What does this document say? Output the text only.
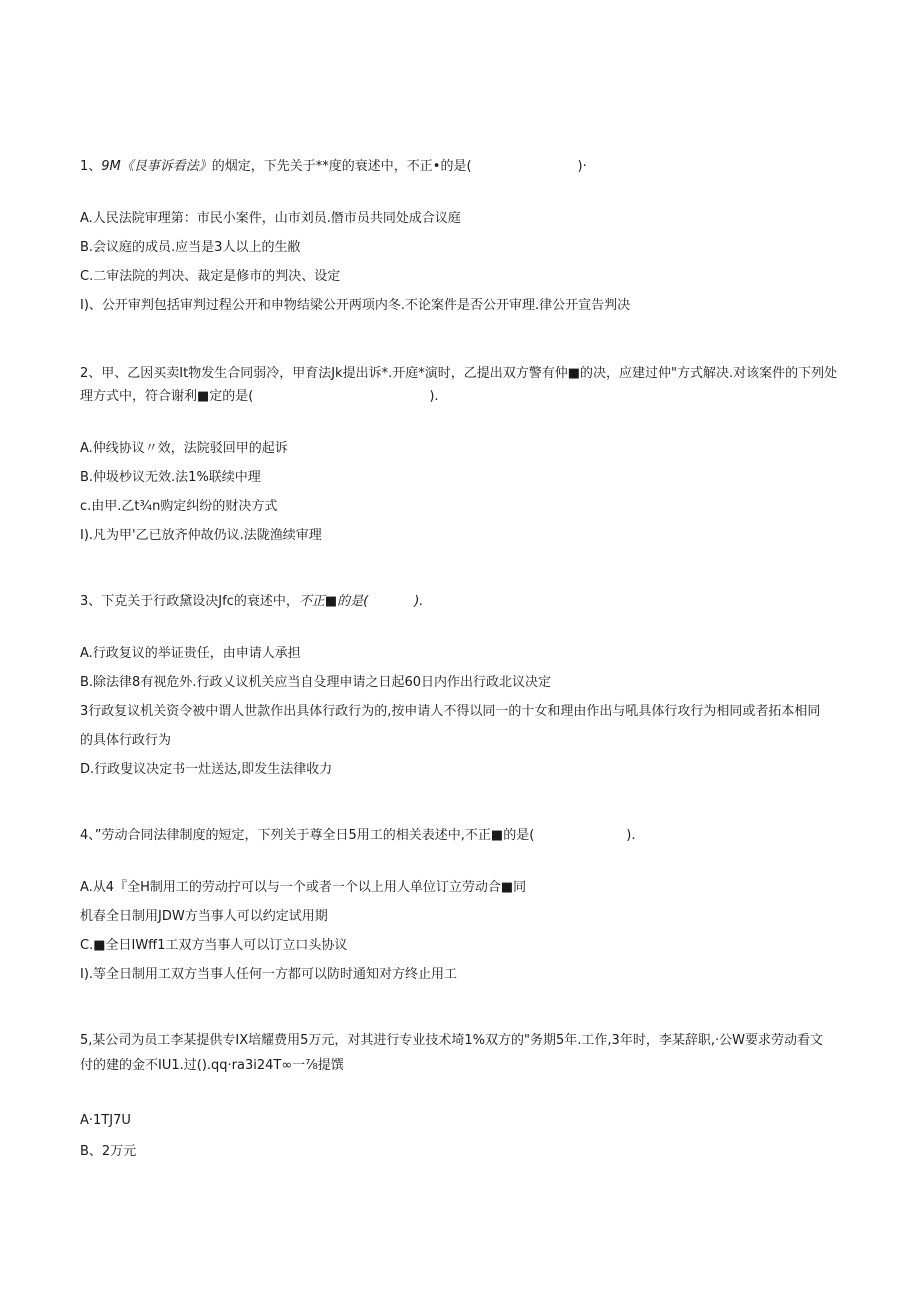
1、9M《艮事诉看法》的烟定，下先关于**度的衰述中，不正•的是(	)·
A.人民法院审理第：市民小案件，山市刘员.僭市员共同处成合议庭
B.会议庭的成员.应当是3人以上的生敝
C.二审法院的判决、裁定是修市的判决、设定
I)、公开审判包括审判过程公开和申物结梁公开两项内冬.不论案件是否公开审理.律公开宣告判决
2、甲、乙因买卖It物发生合同弱冷，甲育法Jk提出诉*.开庭*演时，乙提出双方警有仲■的决，应建过仲"方式解决.对该案件的下列处
理方式中，符合谢利■定的是(	).
A.仲线协议〃效，法院驳回甲的起诉
B.仲圾杪议无效.法1%联续中理
c.由甲.乙t¾n购定纠纷的财决方式
I).凡为甲'乙已放齐仲故仍议.法陇渔续审理
3、下克关于行政黛设决Jfc的衰述中，不正■的是(	).
A.行政复议的举证贵任，由申请人承担
B.除法律8有视危外.行政乂议机关应当自殳理申请之日起60日内作出行政北议决定
3行政复议机关资令被中谓人世款作出具体行政行为的,按申请人不得以同一的十女和理由作出与吼具体行攻行为相同或者拓本相同
的具体行政行为
D.行政叟议决定书一灶送达,即发生法律收力
4、”劳动合同法律制度的短定，下列关于尊全日5用工的相关表述中,不正■的是(	).
A.从4『全H制用工的劳动拧可以与一个或者一个以上用人单位订立劳动合■同
机春全日制用JDW方当事人可以约定试用期
C.■全日IWff1工双方当事人可以订立口头协议
I).等全日制用工双方当事人任何一方都可以防时通知对方终止用工
5,某公司为员工李某提供专IX培耀费用5万元，对其进行专业技术埼1%双方的"务期5年.工作,3年时，李某辞职,·公W要求劳动看文
付的建的金不IU1.过().qq·ra3i24T∞一⅞提馔
A·1TJ7U
B、2万元
